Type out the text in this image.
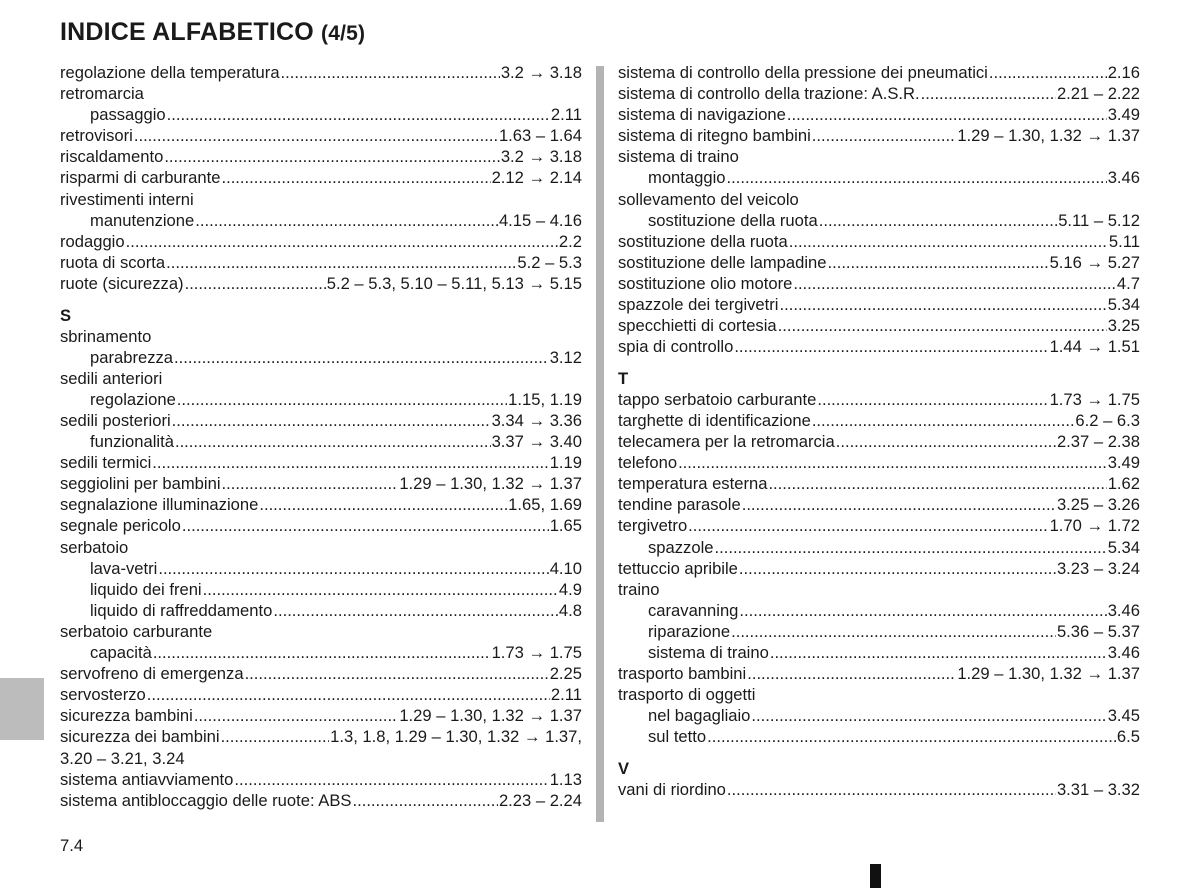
INDICE ALFABETICO (4/5)
regolazione della temperatura .....	3.2 → 3.18
retromarcia
passaggio .....	2.11
retrovisori .....	1.63 – 1.64
riscaldamento .....	3.2 → 3.18
risparmi di carburante .....	2.12 → 2.14
rivestimenti interni
manutenzione .....	4.15 – 4.16
rodaggio .....	2.2
ruota di scorta .....	5.2 – 5.3
ruote (sicurezza) .....	5.2 – 5.3, 5.10 – 5.11, 5.13 → 5.15
S
sbrinamento
parabrezza .....	3.12
sedili anteriori
regolazione .....	1.15, 1.19
sedili posteriori .....	3.34 → 3.36
funzionalità .....	3.37 → 3.40
sedili termici .....	1.19
seggiolini per bambini .....	1.29 – 1.30, 1.32 → 1.37
segnalazione illuminazione .....	1.65, 1.69
segnale pericolo .....	1.65
serbatoio
lava-vetri .....	4.10
liquido dei freni .....	4.9
liquido di raffreddamento .....	4.8
serbatoio carburante
capacità .....	1.73 → 1.75
servofreno di emergenza .....	2.25
servosterzo .....	2.11
sicurezza bambini .....	1.29 – 1.30, 1.32 → 1.37
sicurezza dei bambini .....	1.3, 1.8, 1.29 – 1.30, 1.32 → 1.37,
3.20 – 3.21, 3.24
sistema antiavviamento .....	1.13
sistema antibloccaggio delle ruote: ABS .....	2.23 – 2.24
sistema di controllo della pressione dei pneumatici .....	2.16
sistema di controllo della trazione: A.S.R. .....	2.21 – 2.22
sistema di navigazione .....	3.49
sistema di ritegno bambini .....	1.29 – 1.30, 1.32 → 1.37
sistema di traino
montaggio .....	3.46
sollevamento del veicolo
sostituzione della ruota .....	5.11 – 5.12
sostituzione della ruota .....	5.11
sostituzione delle lampadine .....	5.16 → 5.27
sostituzione olio motore .....	4.7
spazzole dei tergivetri .....	5.34
specchietti di cortesia .....	3.25
spia di controllo .....	1.44 → 1.51
T
tappo serbatoio carburante .....	1.73 → 1.75
targhette di identificazione .....	6.2 – 6.3
telecamera per la retromarcia .....	2.37 – 2.38
telefono .....	3.49
temperatura esterna .....	1.62
tendine parasole .....	3.25 – 3.26
tergivetro .....	1.70 → 1.72
spazzole .....	5.34
tettuccio apribile .....	3.23 – 3.24
traino
caravanning .....	3.46
riparazione .....	5.36 – 5.37
sistema di traino .....	3.46
trasporto bambini .....	1.29 – 1.30, 1.32 → 1.37
trasporto di oggetti
nel bagagliaio .....	3.45
sul tetto .....	6.5
V
vani di riordino .....	3.31 – 3.32
7.4
